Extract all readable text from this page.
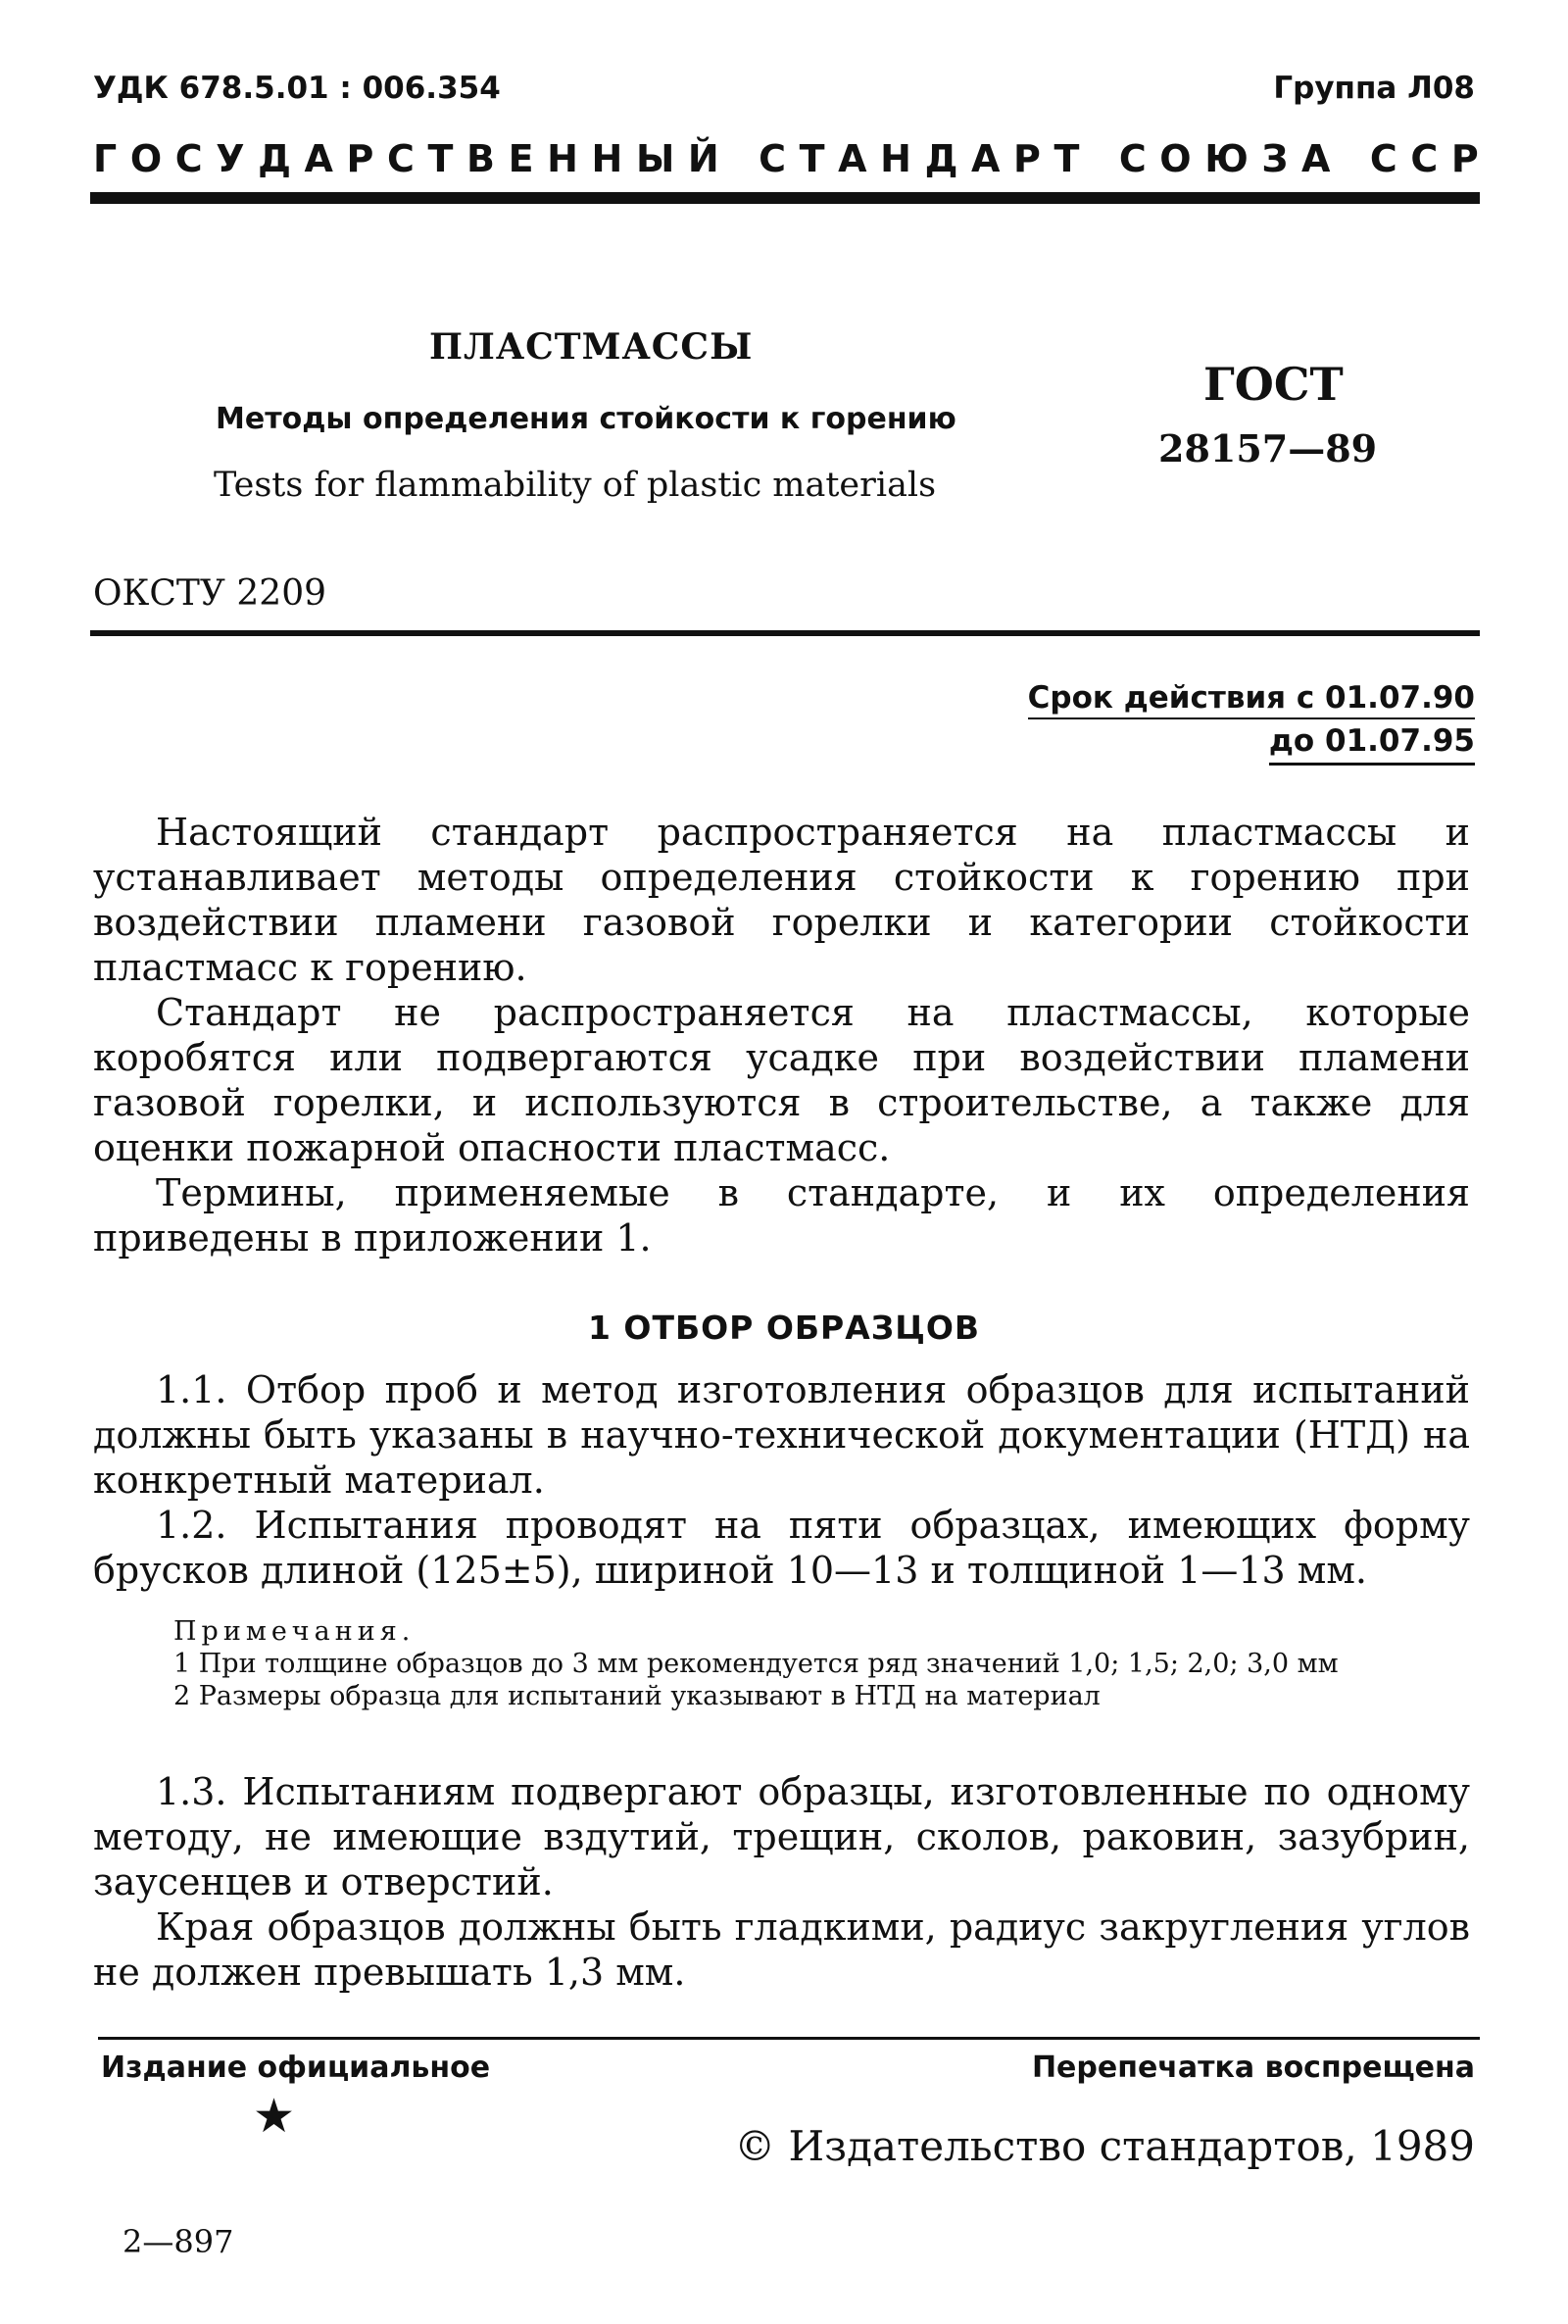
УДК 678.5.01 : 006.354	Группа Л08
ГОСУДАРСТВЕННЫЙ СТАНДАРТ СОЮЗА ССР
ПЛАСТМАССЫ
Методы определения стойкости к горению
Tests for flammability of plastic materials
ГОСТ
28157—89
ОКСТУ 2209
Срок действия с 01.07.90
до 01.07.95

Настоящий стандарт распространяется на пластмассы и устанавливает методы определения стойкости к горению при воздействии пламени газовой горелки и категории стойкости пластмасс к горению.

Стандарт не распространяется на пластмассы, которые коробятся или подвергаются усадке при воздействии пламени газовой горелки, и используются в строительстве, а также для оценки пожарной опасности пластмасс.

Термины, применяемые в стандарте, и их определения приведены в приложении 1.

1 ОТБОР ОБРАЗЦОВ

1.1. Отбор проб и метод изготовления образцов для испытаний должны быть указаны в научно-технической документации (НТД) на конкретный материал.

1.2. Испытания проводят на пяти образцах, имеющих форму брусков длиной (125±5), шириной 10—13 и толщиной 1—13 мм.

Примечания.
1 При толщине образцов до 3 мм рекомендуется ряд значений 1,0; 1,5; 2,0; 3,0 мм
2 Размеры образца для испытаний указывают в НТД на материал

1.3. Испытаниям подвергают образцы, изготовленные по одному методу, не имеющие вздутий, трещин, сколов, раковин, зазубрин, заусенцев и отверстий.

Края образцов должны быть гладкими, радиус закругления углов не должен превышать 1,3 мм.

Издание официальное	Перепечатка воспрещена
★
© Издательство стандартов, 1989
2—897
